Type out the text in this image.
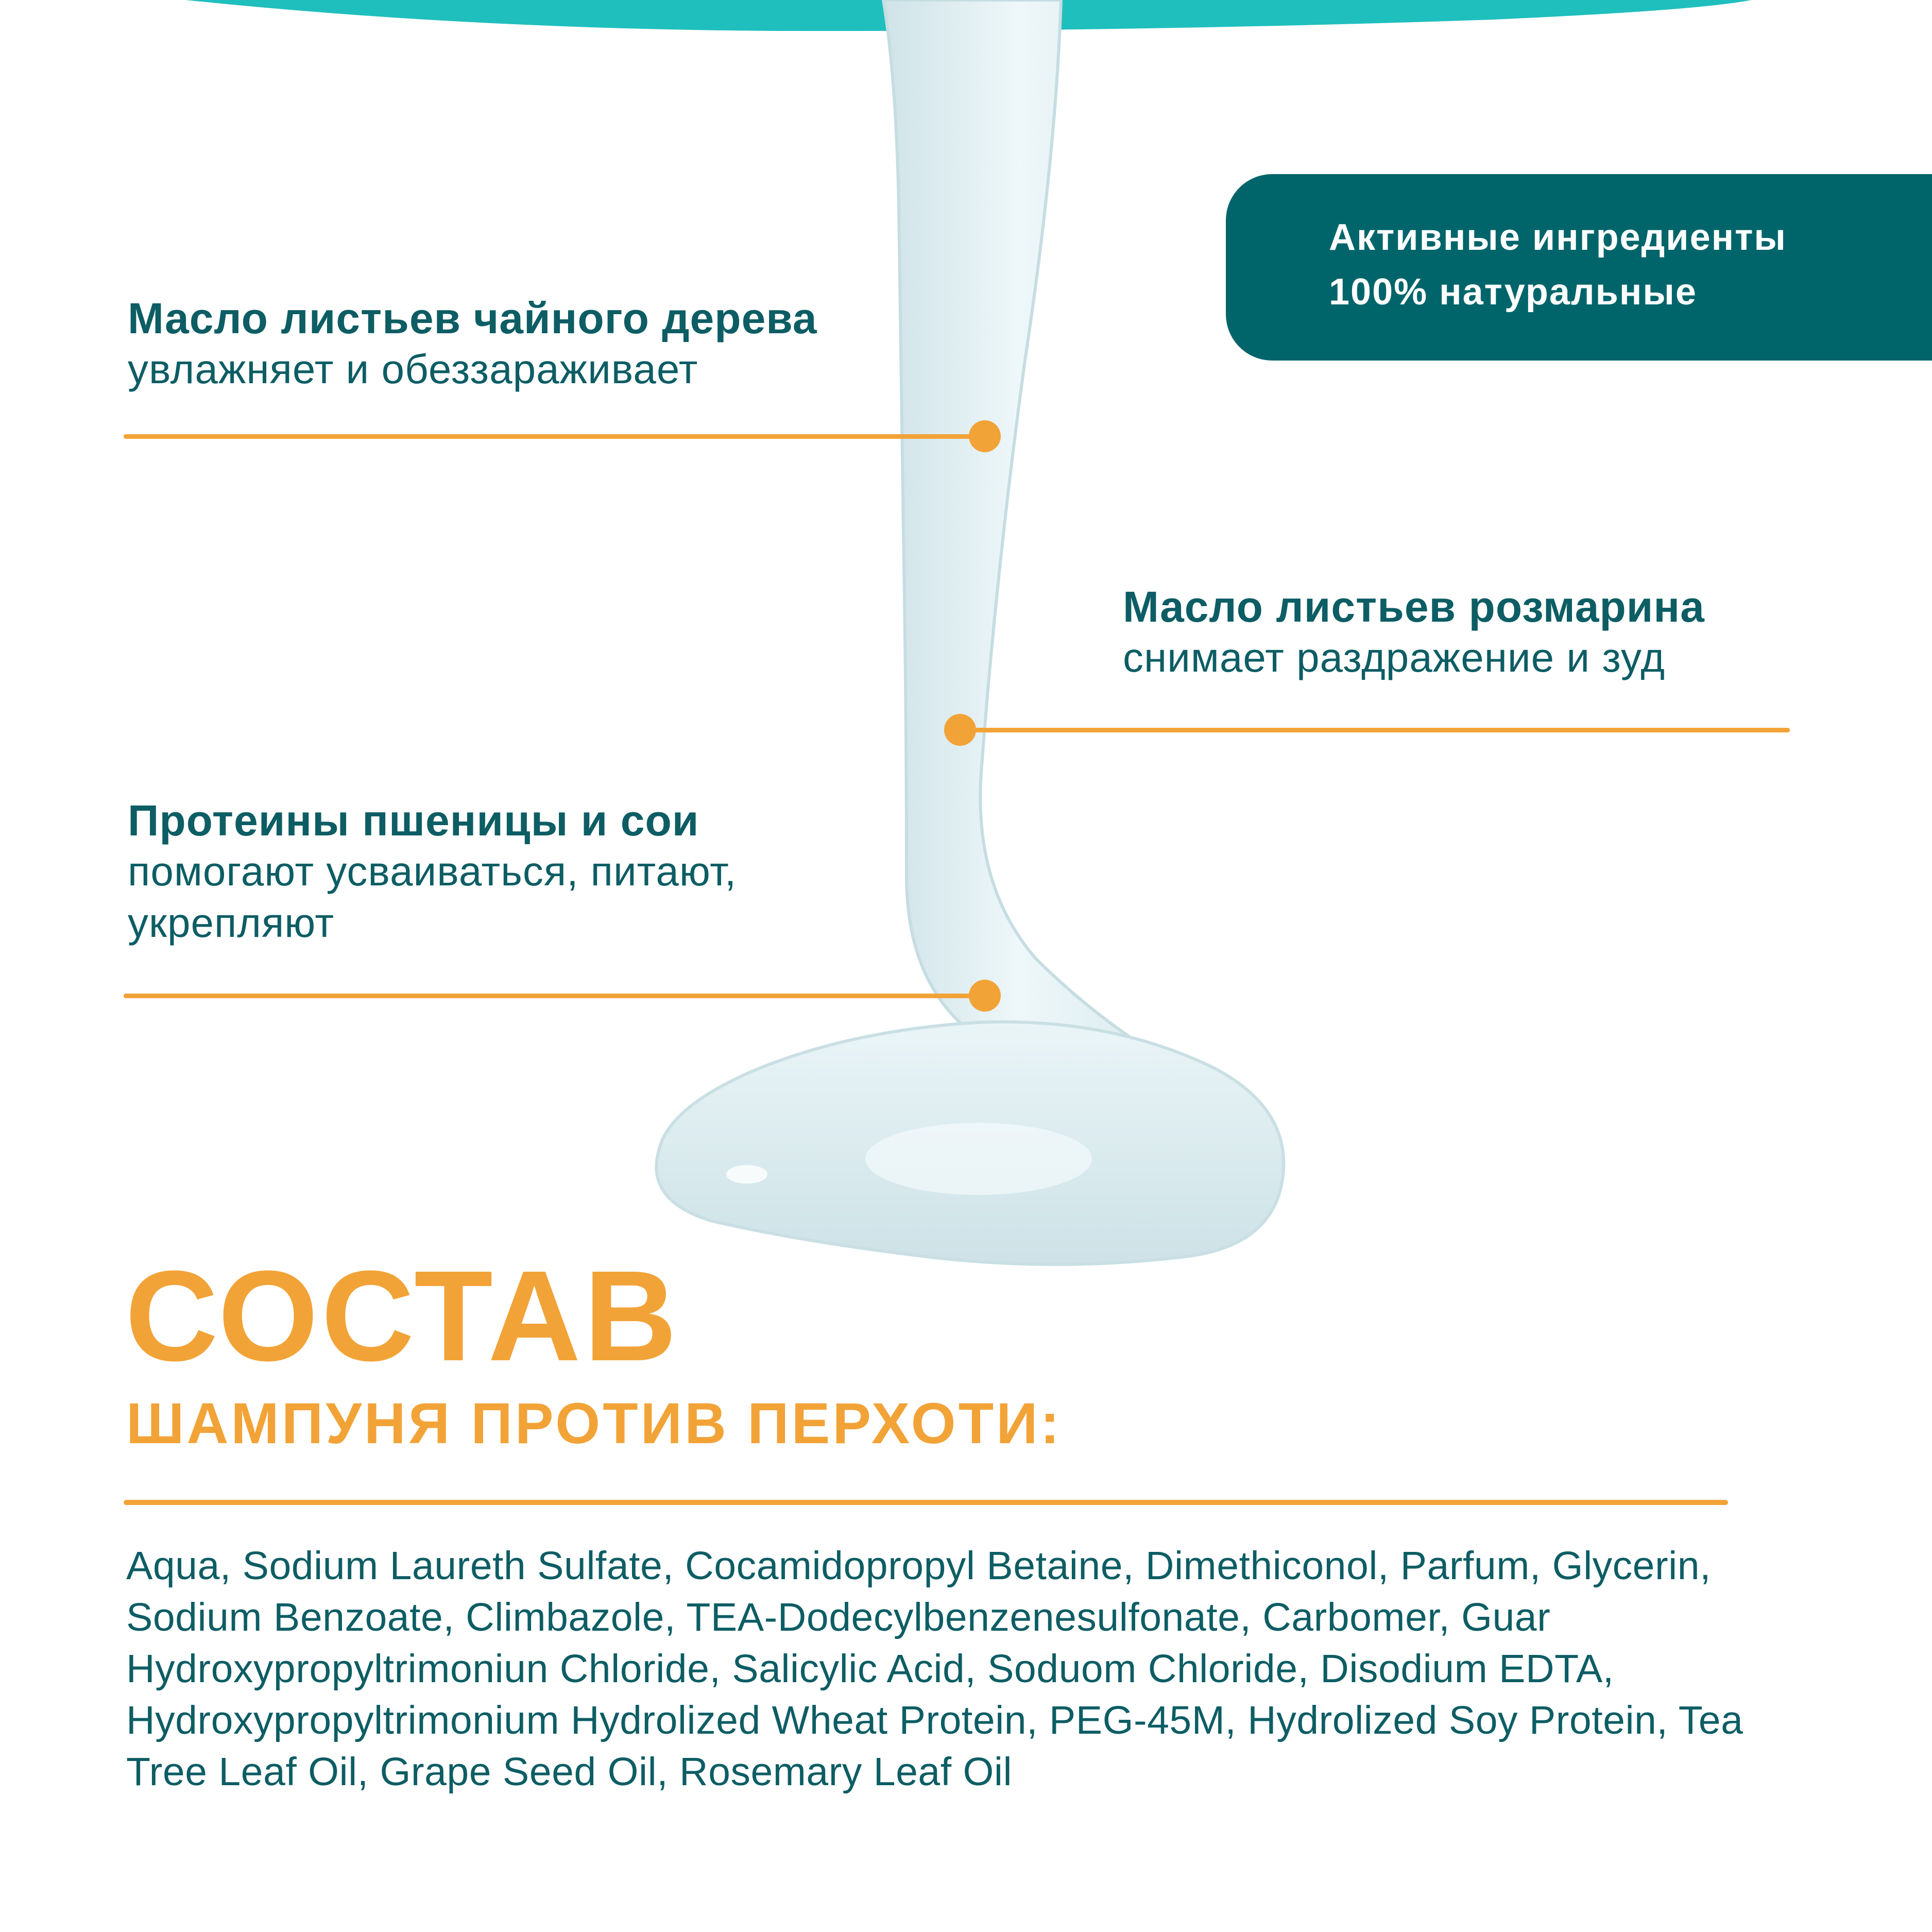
Активные ингредиенты
100% натуральные
Масло листьев чайного дерева
увлажняет и обеззараживает
Масло листьев розмарина
снимает раздражение и зуд
Протеины пшеницы и сои
помогают усваиваться, питают,
укрепляют
СОСТАВ
ШАМПУНЯ ПРОТИВ ПЕРХОТИ:
Aqua, Sodium Laureth Sulfate, Cocamidopropyl Betaine, Dimethiconol, Parfum, Glycerin, Sodium Benzoate, Climbazole, TEA-Dodecylbenzenesulfonate, Carbomer, Guar Hydroxypropyltrimoniun Chloride, Salicylic Acid, Soduom Chloride, Disodium EDTA, Hydroxypropyltrimonium Hydrolized Wheat Protein, PEG-45M, Hydrolized Soy Protein, Tea Tree Leaf Oil, Grape Seed Oil, Rosemary Leaf Oil
